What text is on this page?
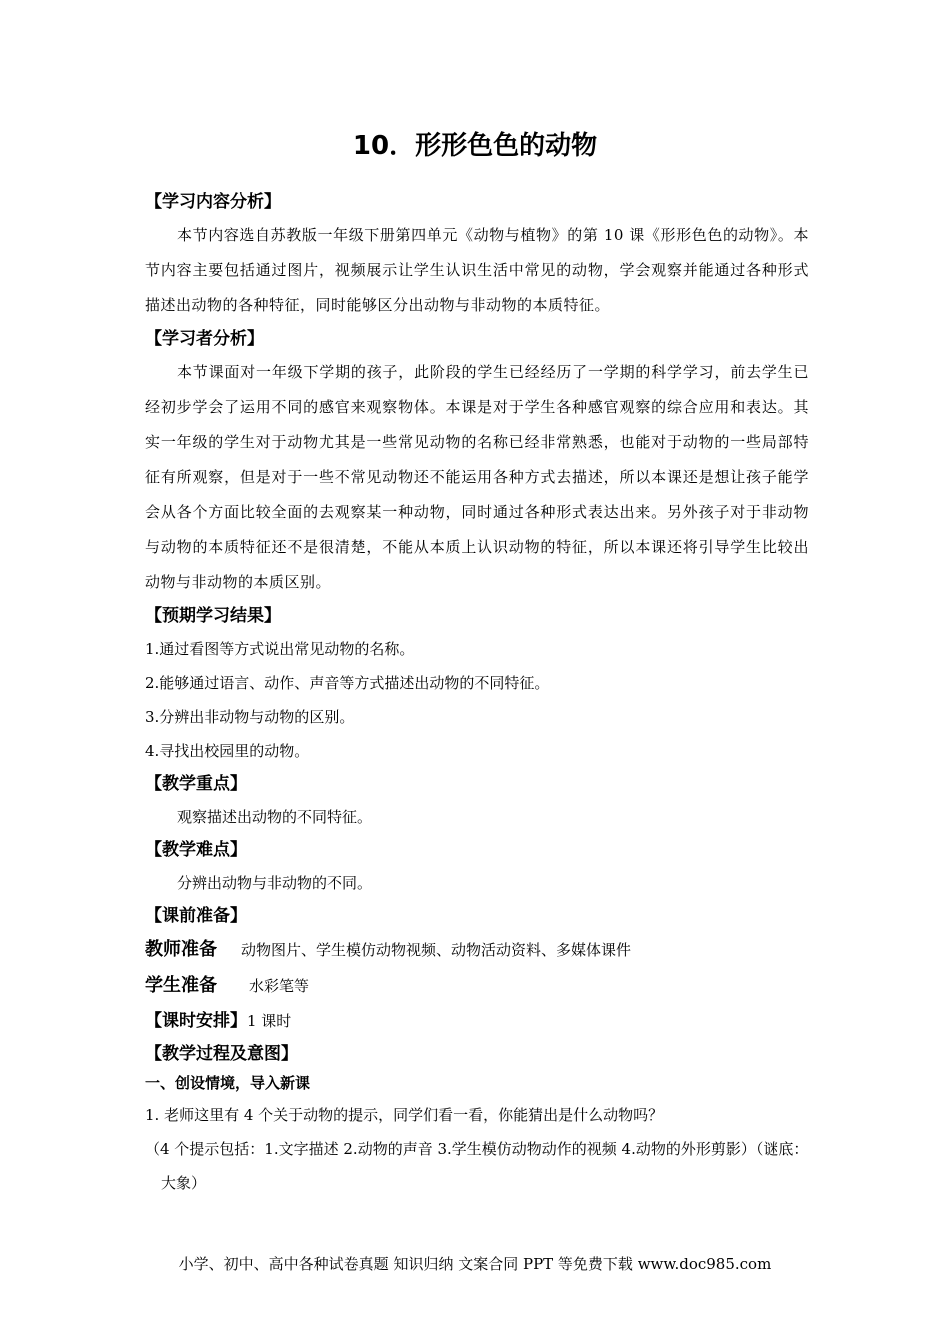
10．形形色色的动物

【学习内容分析】

本节内容选自苏教版一年级下册第四单元《动物与植物》的第 10 课《形形色色的动物》。本节内容主要包括通过图片，视频展示让学生认识生活中常见的动物，学会观察并能通过各种形式描述出动物的各种特征，同时能够区分出动物与非动物的本质特征。

【学习者分析】

本节课面对一年级下学期的孩子，此阶段的学生已经经历了一学期的科学学习，前去学生已经初步学会了运用不同的感官来观察物体。本课是对于学生各种感官观察的综合应用和表达。其实一年级的学生对于动物尤其是一些常见动物的名称已经非常熟悉，也能对于动物的一些局部特征有所观察，但是对于一些不常见动物还不能运用各种方式去描述，所以本课还是想让孩子能学会从各个方面比较全面的去观察某一种动物，同时通过各种形式表达出来。另外孩子对于非动物与动物的本质特征还不是很清楚，不能从本质上认识动物的特征，所以本课还将引导学生比较出动物与非动物的本质区别。

【预期学习结果】

1.通过看图等方式说出常见动物的名称。

2.能够通过语言、动作、声音等方式描述出动物的不同特征。

3.分辨出非动物与动物的区别。

4.寻找出校园里的动物。

【教学重点】

观察描述出动物的不同特征。

【教学难点】

分辨出动物与非动物的不同。

【课前准备】

教师准备 动物图片、学生模仿动物视频、动物活动资料、多媒体课件

学生准备 水彩笔等

【课时安排】1 课时

【教学过程及意图】

一、创设情境，导入新课

1. 老师这里有 4 个关于动物的提示，同学们看一看，你能猜出是什么动物吗？

（4 个提示包括：1.文字描述 2.动物的声音 3.学生模仿动物动作的视频 4.动物的外形剪影）（谜底：大象）

小学、初中、高中各种试卷真题 知识归纳 文案合同 PPT 等免费下载 www.doc985.com
